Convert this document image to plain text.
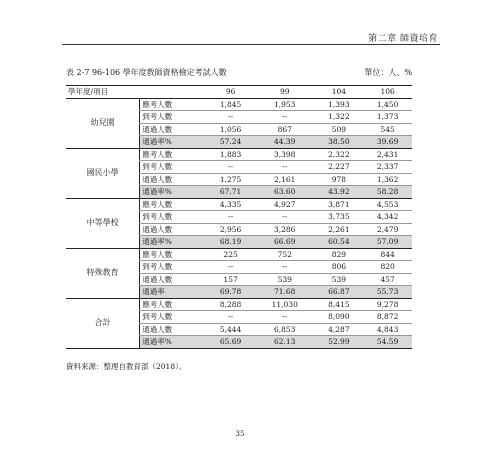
第二章 師資培育
表 2-7 96-106 學年度教師資格檢定考試人數	單位：人、%
學年度/項目		96	99	104	106
幼兒園	應考人數	1,845	1,953	1,393	1,450
	到考人數	--	--	1,322	1,373
	通過人數	1,056	867	509	545
	通過率%	57.24	44.39	38.50	39.69
國民小學	應考人數	1,883	3,398	2,322	2,431
	到考人數	--	--	2,227	2,337
	通過人數	1,275	2,161	978	1,362
	通過率%	67.71	63.60	43.92	58.28
中等學校	應考人數	4,335	4,927	3,871	4,553
	到考人數	--	--	3,735	4,342
	通過人數	2,956	3,286	2,261	2,479
	通過率%	68.19	66.69	60.54	57.09
特殊教育	應考人數	225	752	829	844
	到考人數	--	--	806	820
	通過人數	157	539	539	457
	通過率	69.78	71.68	66.87	55.73
合計	應考人數	8,288	11,030	8,415	9,278
	到考人數	--	--	8,090	8,872
	通過人數	5,444	6,853	4,287	4,843
	通過率%	65.69	62.13	52.99	54.59
資料來源：整理自教育部（2018）。
35
